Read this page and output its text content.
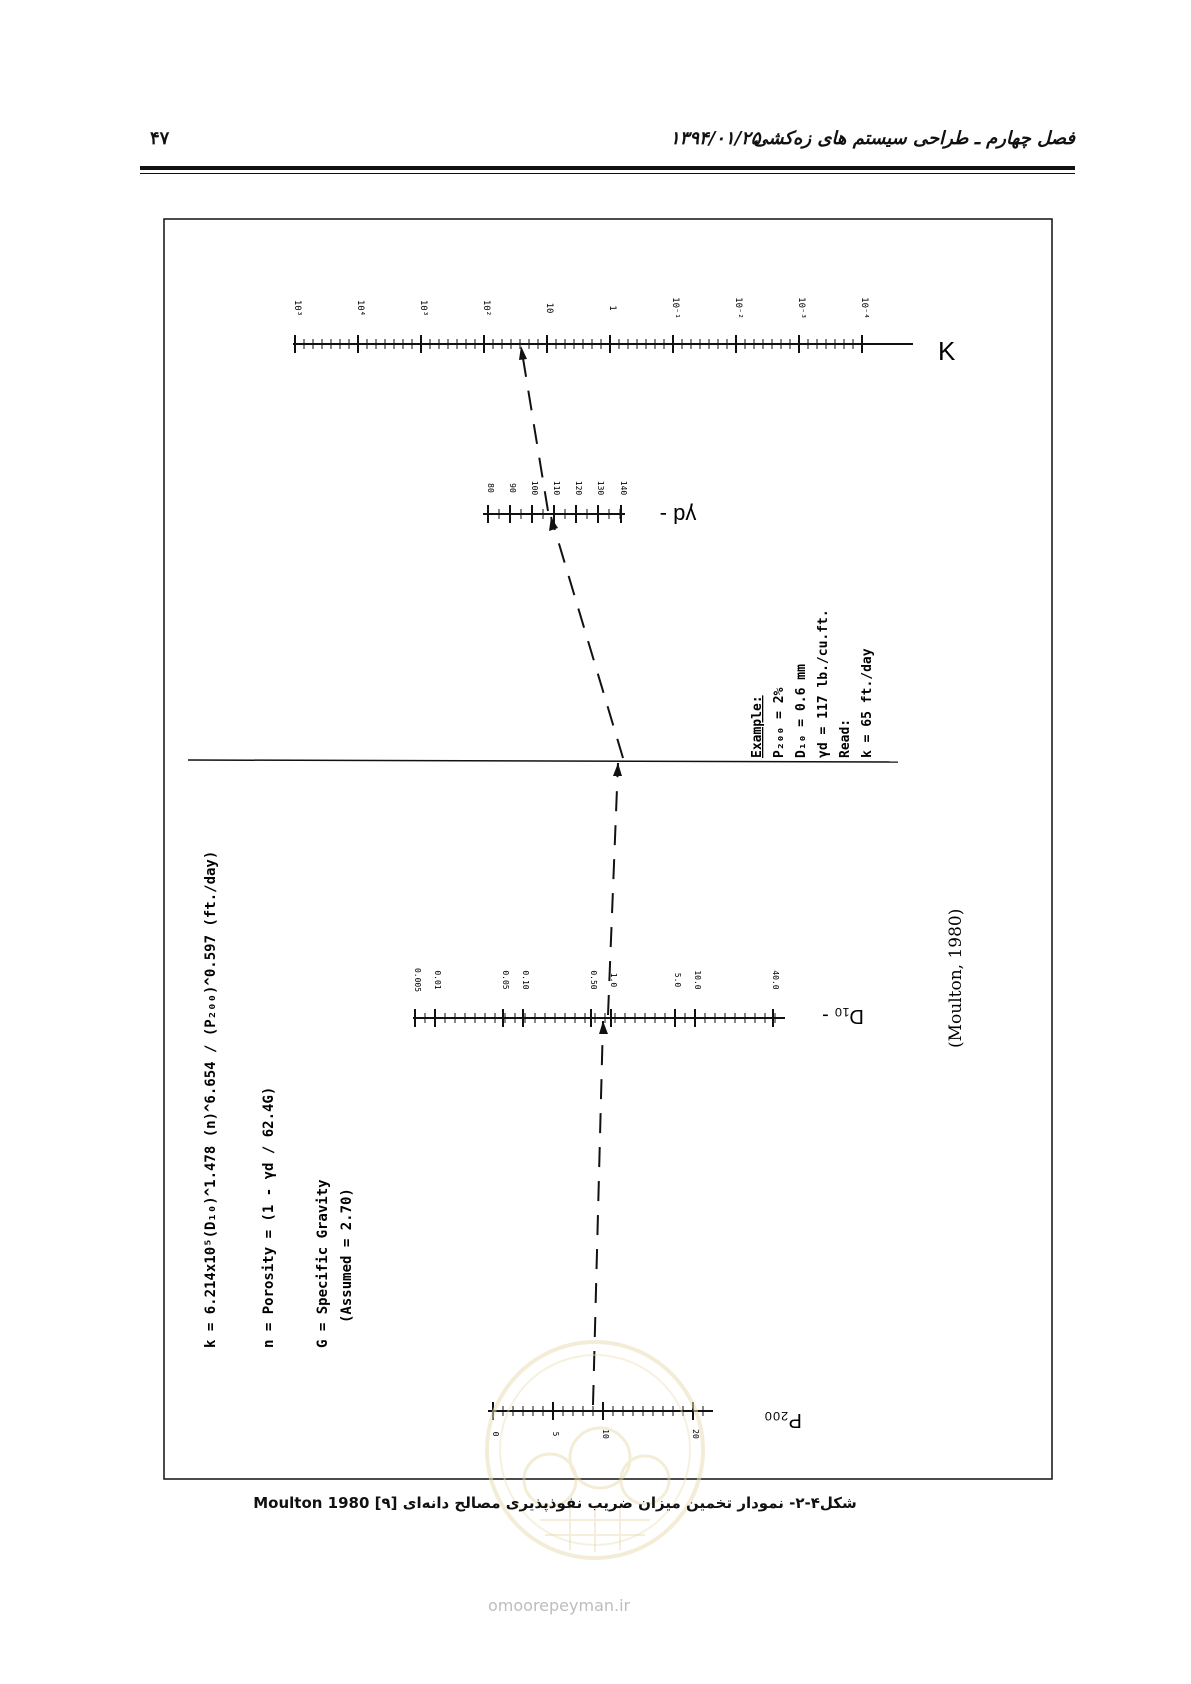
۴۷	۱۳۹۴/۰۱/۲۵
فصل چهارم ـ طراحی سیستم های زه‌کشی
10³	10⁴	10³	10²	10	1	10⁻¹	10⁻²	10⁻³	10⁻⁴
K
80 90 100 110 120 130 140
γd -
Example: P₂₀₀ = 2% D₁₀ = 0.6 mm γd = 117 lb./cu.ft. Read: k = 65 ft./day
0.005 0.01	0.05 0.10	0.50 1.0	5.0 10.0	40.0
D₁₀ -
0	5	10	20
P₂₀₀
k = 6.214x10⁵(D₁₀)^1.478 (n)^6.654 / (P₂₀₀)^0.597 (ft./day)	n = Porosity = (1 - γd / 62.4G)	G = Specific Gravity (Assumed = 2.70)
(Moulton, 1980)
omoorepeyman.ir
شکل۴-۲- نمودار تخمین میزان ضریب نفوذپذیری مصالح دانه‌ای Moulton 1980 [۹]
